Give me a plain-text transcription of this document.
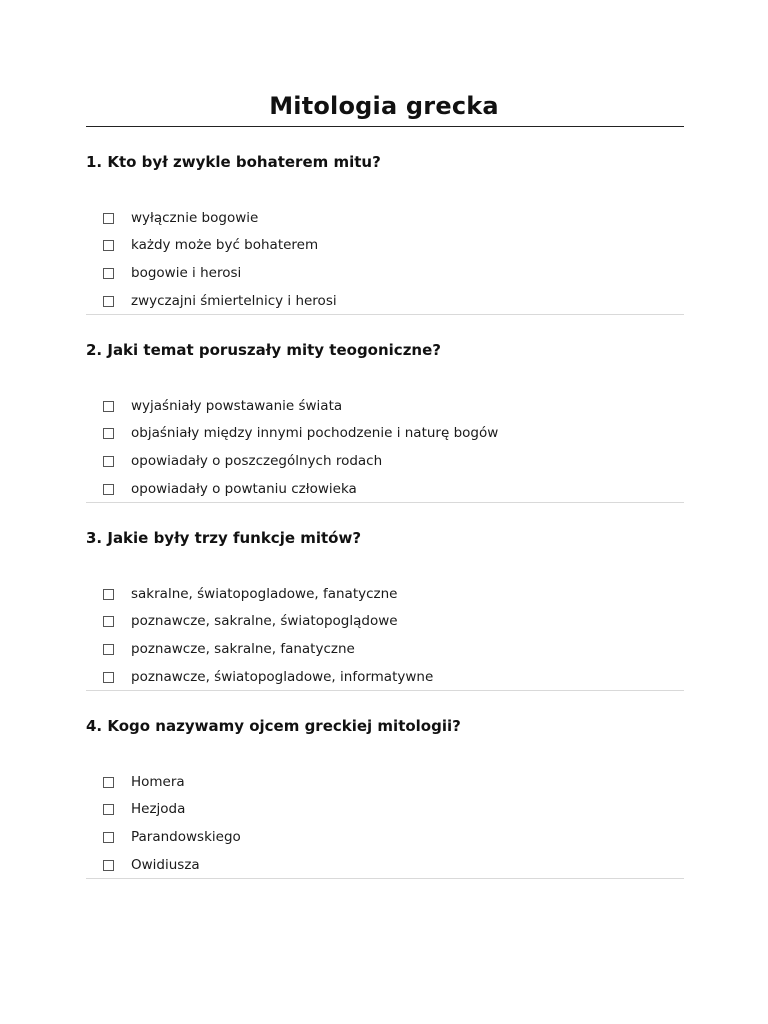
Mitologia grecka

1. Kto był zwykle bohaterem mitu?

wyłącznie bogowie
każdy może być bohaterem
bogowie i herosi
zwyczajni śmiertelnicy i herosi

2. Jaki temat poruszały mity teogoniczne?

wyjaśniały powstawanie świata
objaśniały między innymi pochodzenie i naturę bogów
opowiadały o poszczególnych rodach
opowiadały o powtaniu człowieka

3. Jakie były trzy funkcje mitów?

sakralne, światopogladowe, fanatyczne
poznawcze, sakralne, światopoglądowe
poznawcze, sakralne, fanatyczne
poznawcze, światopogladowe, informatywne

4. Kogo nazywamy ojcem greckiej mitologii?

Homera
Hezjoda
Parandowskiego
Owidiusza
